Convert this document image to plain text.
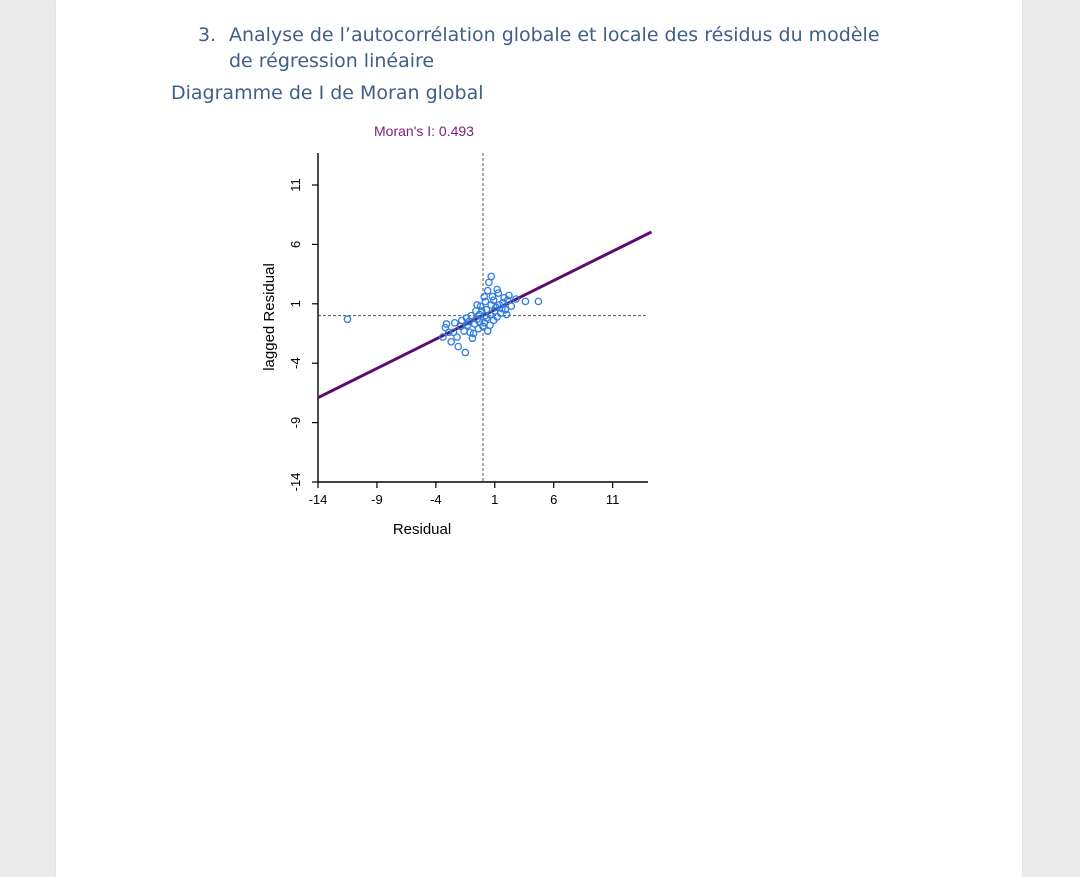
3. Analyse de l’autocorrélation globale et locale des résidus du modèle de régression linéaire
Diagramme de I de Moran global
Moran's I: 0.493
Residual
lagged Residual
-14	-9	-4	1	6	11
-14
-9
-4
1
6
11
